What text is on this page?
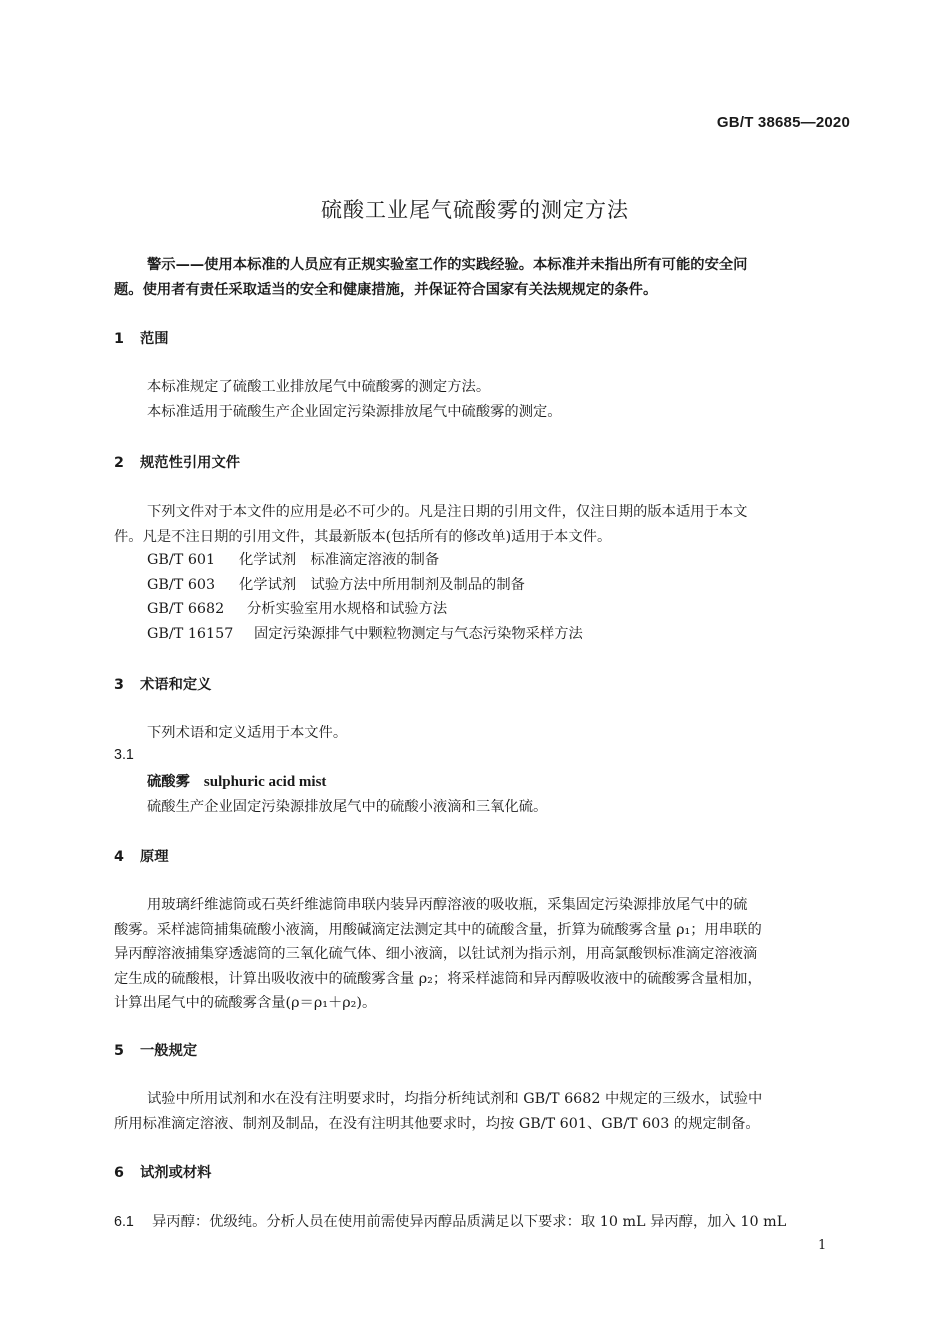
GB/T 38685—2020
硫酸工业尾气硫酸雾的测定方法

警示——使用本标准的人员应有正规实验室工作的实践经验。本标准并未指出所有可能的安全问

题。使用者有责任采取适当的安全和健康措施，并保证符合国家有关法规规定的条件。

1 范围
本标准规定了硫酸工业排放尾气中硫酸雾的测定方法。
本标准适用于硫酸生产企业固定污染源排放尾气中硫酸雾的测定。
2 规范性引用文件

下列文件对于本文件的应用是必不可少的。凡是注日期的引用文件，仅注日期的版本适用于本文

件。凡是不注日期的引用文件，其最新版本(包括所有的修改单)适用于本文件。

GB/T 601 化学试剂　标准滴定溶液的制备
GB/T 603 化学试剂　试验方法中所用制剂及制品的制备
GB/T 6682 分析实验室用水规格和试验方法
GB/T 16157 固定污染源排气中颗粒物测定与气态污染物采样方法
3 术语和定义
下列术语和定义适用于本文件。
3.1
硫酸雾 sulphuric acid mist
硫酸生产企业固定污染源排放尾气中的硫酸小液滴和三氧化硫。
4 原理

用玻璃纤维滤筒或石英纤维滤筒串联内装异丙醇溶液的吸收瓶，采集固定污染源排放尾气中的硫

酸雾。采样滤筒捕集硫酸小液滴，用酸碱滴定法测定其中的硫酸含量，折算为硫酸雾含量 ρ₁；用串联的

异丙醇溶液捕集穿透滤筒的三氧化硫气体、细小液滴，以钍试剂为指示剂，用高氯酸钡标准滴定溶液滴

定生成的硫酸根，计算出吸收液中的硫酸雾含量 ρ₂；将采样滤筒和异丙醇吸收液中的硫酸雾含量相加，

计算出尾气中的硫酸雾含量(ρ＝ρ₁＋ρ₂)。

5 一般规定

试验中所用试剂和水在没有注明要求时，均指分析纯试剂和 GB/T 6682 中规定的三级水，试验中

所用标准滴定溶液、制剂及制品，在没有注明其他要求时，均按 GB/T 601、GB/T 603 的规定制备。

6 试剂或材料
6.1 异丙醇：优级纯。分析人员在使用前需使异丙醇品质满足以下要求：取 10 mL 异丙醇，加入 10 mL
1
